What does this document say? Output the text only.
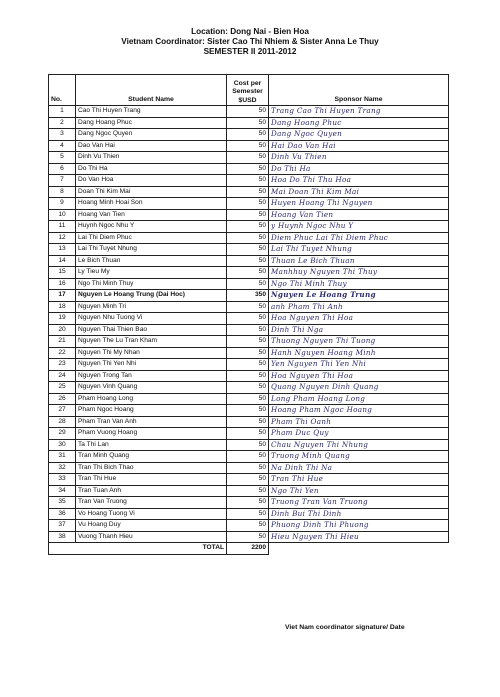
Location: Dong Nai - Bien Hoa
Vietnam Coordinator: Sister Cao Thi Nhiem & Sister Anna Le Thuy
SEMESTER II 2011-2012
No.	Student Name	Cost per Semester $USD	Sponsor Name
1	Cao Thi Huyen Trang	50	Trang Cao Thi Huyen Trang
2	Dang Hoang Phuc	50	Dang Hoang Phuc
3	Dang Ngoc Quyen	50	Dang Ngoc Quyen
4	Dao Van Hai	50	Hai Dao Van Hai
5	Dinh Vu Thien	50	Dinh Vu Thien
6	Do Thi Ha	50	Do Thi Ha
7	Do Van Hoa	50	Hoa Do Thi Thu Hoa
8	Doan Thi Kim Mai	50	Mai Doan Thi Kim Mai
9	Hoang Minh Hoai Son	50	Huyen Hoang Thi Nguyen
10	Hoang Van Tien	50	Hoang Van Tien
11	Huynh Ngoc Nhu Y	50	y Huynh Ngoc Nhu Y
12	Lai Thi Diem Phuc	50	Diem Phuc Lai Thi Diem Phuc
13	Lai Thi Tuyet Nhung	50	Lai Thi Tuyet Nhung
14	Le Bich Thuan	50	Thuan Le Bich Thuan
15	Ly Tieu My	50	Manhhuy Nguyen Thi Thuy
16	Ngo Thi Minh Thuy	50	Ngo Thi Minh Thuy
17	Nguyen Le Hoang Trung (Dai Hoc)	350	Nguyen Le Hoang Trung
18	Nguyen Minh Tri	50	anh Pham Thi Anh
19	Nguyen Nhu Tuong Vi	50	Hoa Nguyen Thi Hoa
20	Nguyen Thai Thien Bao	50	Dinh Thi Nga
21	Nguyen The Lu Tran Kham	50	Thuong Nguyen Thi Tuong
22	Nguyen Thi My Nhan	50	Hanh Nguyen Hoang Minh
23	Nguyen Thi Yen Nhi	50	Yen Nguyen Thi Yen Nhi
24	Nguyen Trong Tan	50	Hoa Nguyen Thi Hoa
25	Nguyen Vinh Quang	50	Quang Nguyen Dinh Quang
26	Pham Hoang Long	50	Long Pham Hoang Long
27	Pham Ngoc Hoang	50	Hoang Pham Ngoc Hoang
28	Pham Tran Van Anh	50	Pham Thi Oanh
29	Pham Vuong Hoang	50	Pham Duc Quy
30	Ta Thi Lan	50	Chau Nguyen Thi Nhung
31	Tran Minh Quang	50	Truong Minh Quang
32	Tran Thi Bich Thao	50	Na Dinh Thi Na
33	Tran Thi Hue	50	Tran Thi Hue
34	Tran Tuan Anh	50	Ngo Thi Yen
35	Tran Van Truong	50	Truong Tran Van Truong
36	Vo Hoang Tuong Vi	50	Dinh Bui Thi Dinh
37	Vu Hoang Duy	50	Phuong Dinh Thi Phuong
38	Vuong Thanh Hieu	50	Hieu Nguyen Thi Hieu
TOTAL		2200	
Viet Nam coordinator signature/ Date
